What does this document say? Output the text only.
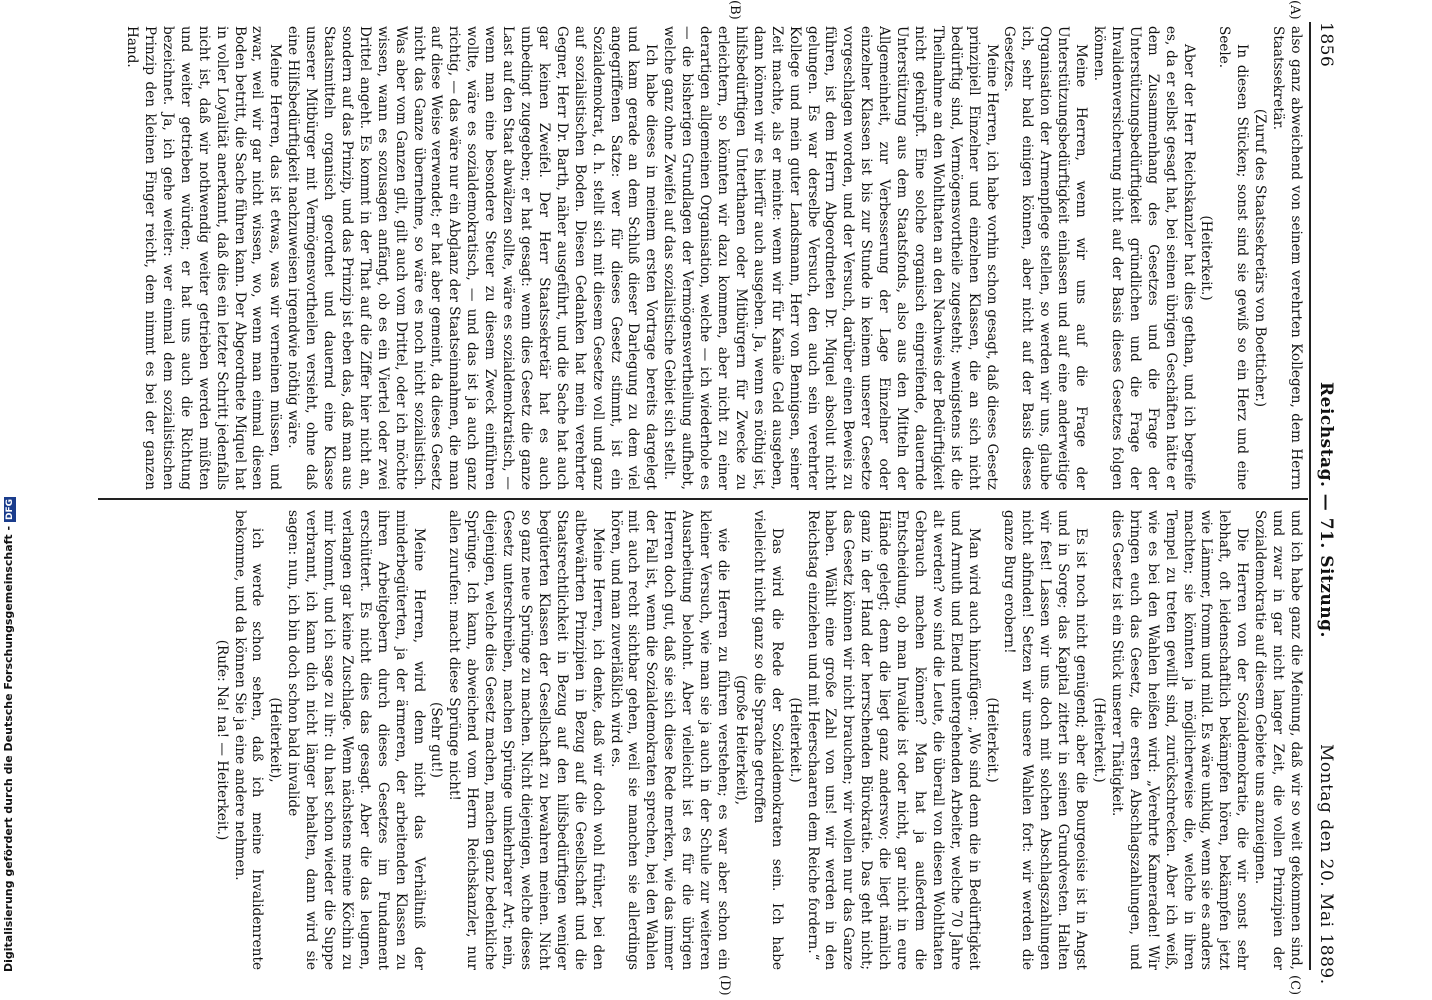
1856
Reichstag. — 71. Sitzung.
Montag den 20. Mai 1889.
(A)
(B)
(C)
(D)

also ganz abweichend von seinem verehrten Kollegen, dem Herrn Staatssekretär.

(Zuruf des Staatssekretärs von Boetticher.)

In diesen Stücken; sonst sind sie gewiß so ein Herz und eine Seele.

(Heiterkeit.)

Aber der Herr Reichskanzler hat dies gethan, und ich begreife es, da er selbst gesagt hat, bei seinen übrigen Geschäften hätte er dem Zusammenhang des Gesetzes und die Frage der Unterstützungsbedürftigkeit gründlichen und die Frage der Invalidenversicherung nicht auf der Basis dieses Gesetzes folgen können.

Meine Herren, wenn wir uns auf die Frage der Unterstützungsbedürftigkeit einlassen und auf eine anderweitige Organisation der Armenpflege stellen, so werden wir uns, glaube ich, sehr bald einigen können, aber nicht auf der Basis dieses Gesetzes.

Meine Herren, ich habe vorhin schon gesagt, daß dieses Gesetz prinzipiell Einzelner und einzelnen Klassen, die an sich nicht bedürftig sind, Vermögensvortheile zugesteht; wenigstens ist die Theilnahme an den Wohlthaten an den Nachweis der Bedürftigkeit nicht geknüpft. Eine solche organisch eingreifende, dauernde Unterstützung aus dem Staatsfonds, also aus den Mitteln der Allgemeinheit, zur Verbesserung der Lage Einzelner oder einzelner Klassen ist bis zur Stunde in keinem unserer Gesetze vorgeschlagen worden, und der Versuch, darüber einen Beweis zu führen, ist dem Herrn Abgeordneten Dr. Miquel absolut nicht gelungen. Es war derselbe Versuch, den auch sein verehrter Kollege und mein guter Landsmann, Herr von Bennigsen, seiner Zeit machte, als er meinte: wenn wir für Kanäle Geld ausgeben, dann können wir es hierfür auch ausgeben. Ja, wenn es nöthig ist, hilfsbedürftigen Unterthanen oder Mitbürgern für Zwecke zu erleichtern, so könnten wir dazu kommen, aber nicht zu einer derartigen allgemeinen Organisation, welche — ich wiederhole es — die bisherigen Grundlagen der Vermögensvertheilung aufhebt, welche ganz ohne Zweifel auf das sozialistische Gebiet sich stellt.

Ich habe dieses in meinem ersten Vortrage bereits dargelegt und kam gerade an dem Schluß dieser Darlegung zu dem viel angegriffenen Satze: wer für dieses Gesetz stimmt, ist ein Sozialdemokrat, d. h. stellt sich mit diesem Gesetze voll und ganz auf sozialistischen Boden. Diesen Gedanken hat mein verehrter Gegner, Herr Dr. Barth, näher ausgeführt, und die Sache hat auch gar keinen Zweifel. Der Herr Staatssekretär hat es auch unbedingt zugegeben; er hat gesagt: wenn dies Gesetz die ganze Last auf den Staat abwälzen sollte, wäre es sozialdemokratisch, — wenn man eine besondere Steuer zu diesem Zweck einführen wollte, wäre es sozialdemokratisch, — und das ist ja auch ganz richtig, — das wäre nur ein Abglanz der Staatseinnahmen, die man auf diese Weise verwendet; er hat aber gemeint, da dieses Gesetz nicht das Ganze übernehme, so wäre es noch nicht sozialistisch. Was aber vom Ganzen gilt, gilt auch vom Drittel, oder ich möchte wissen, wann es sozusagen anfängt, ob es ein Viertel oder zwei Drittel angeht. Es kommt in der That auf die Ziffer hier nicht an, sondern auf das Prinzip, und das Prinzip ist eben das, daß man aus Staatsmitteln organisch geordnet und dauernd eine Klasse unserer Mitbürger mit Vermögensvortheilen versieht, ohne daß eine Hilfsbedürftigkeit nachzuweisen irgendwie nöthig wäre.

Meine Herren, das ist etwas, was wir verneinen müssen, und zwar, weil wir gar nicht wissen, wo, wenn man einmal diesen Boden betritt, die Sache führen kann. Der Abgeordnete Miquel hat in voller Loyalität anerkannt, daß dies ein letzter Schritt jedenfalls nicht ist, daß wir nothwendig weiter getrieben werden müßten und weiter getrieben würden; er hat uns auch die Richtung bezeichnet. Ja, ich gehe weiter: wer einmal dem sozialistischen Prinzip den kleinen Finger reicht, dem nimmt es bei der ganzen Hand.

und ich habe ganz die Meinung, daß wir so weit gekommen sind, und zwar in gar nicht langer Zeit, die vollen Prinzipien der Sozialdemokratie auf diesem Gebiete uns anzueignen.

Die Herren von der Sozialdemokratie, die wir sonst sehr lebhaft, oft leidenschaftlich bekämpfen hören, bekämpfen jetzt wie Lämmer, fromm und mild. Es wäre unklug, wenn sie es anders machten; sie könnten ja möglicherweise die, welche in ihren Tempel zu treten gewillt sind, zurückschrecken. Aber ich weiß, wie es bei den Wahlen heißen wird: „Verehrte Kameraden! Wir bringen euch das Gesetz, die ersten Abschlagszahlungen, und dies Gesetz ist ein Stück unserer Thätigkeit.

(Heiterkeit.)

Es ist noch nicht genügend; aber die Bourgeoisie ist in Angst und in Sorge; das Kapital zittert in seinen Grundvesten. Halten wir fest! Lassen wir uns doch mit solchen Abschlagszahlungen nicht abfinden! Setzen wir unsere Wahlen fort: wir werden die ganze Burg erobern!

(Heiterkeit.)

Man wird auch hinzufügen: „Wo sind denn die in Bedürftigkeit und Armuth und Elend untergehenden Arbeiter, welche 70 Jahre alt werden? wo sind die Leute, die überall von diesen Wohlthaten Gebrauch machen können? Man hat ja außerdem die Entscheidung, ob man Invalide ist oder nicht, gar nicht in eure Hände gelegt; denn die liegt ganz anderswo; die liegt nämlich ganz in der Hand der herrschenden Bürokratie. Das geht nicht; das Gesetz können wir nicht brauchen; wir wollen nur das Ganze haben. Wählt eine große Zahl von uns! wir werden in den Reichstag einziehen und mit Heerschaaren dem Reiche fordern.“

(Heiterkeit.)

Das wird die Rede der Sozialdemokraten sein. Ich habe vielleicht nicht ganz so die Sprache getroffen

(große Heiterkeit),

wie die Herren zu führen verstehen; es war aber schon ein kleiner Versuch, wie man sie ja auch in der Schule zur weiteren Ausarbeitung belohnt. Aber vielleicht ist es für die übrigen Herren doch gut, daß sie sich diese Rede merken, wie das immer der Fall ist, wenn die Sozialdemokraten sprechen, bei den Wahlen mit auch recht sichtbar gehen, weil sie manchen sie allerdings hören, und man zuverläßlich wird es.

Meine Herren, ich denke, daß wir doch wohl früher, bei den altbewährten Prinzipien in Bezug auf die Gesellschaft und die Staatsrechtlichkeit in Bezug auf den hilfsbedürftigen weniger begüterten Klassen der Gesellschaft zu bewahren meinen. Nicht so ganz neue Sprünge zu machen. Nicht diejenigen, welche dieses Gesetz unterschreiben, machen Sprünge umkehrbarer Art; nein, diejenigen, welche dies Gesetz machen, machen ganz bedenkliche Sprünge. Ich kann, abweichend vom Herrn Reichskanzler, nur allen zurufen: macht diese Sprünge nicht!

(Sehr gut!)

Meine Herren, wird denn nicht das Verhältniß der minderbegüterten, ja der ärmeren, der arbeitenden Klassen zu ihren Arbeitgebern durch dieses Gesetzes im Fundament erschüttert. Es nicht dies das gesagt. Aber die das leugnen, verlangen gar keine Zuschlage. Wenn nächstens meine Köchin zu mir kommt, und ich sage zu ihr: du hast schon wieder die Suppe verbrannt, ich kann dich nicht länger behalten, dann wird sie sagen: nun, ich bin doch schon bald invalide

(Heiterkeit),

ich werde schon sehen, daß ich meine Invalidenrente bekomme, und da können Sie ja eine andere nehmen.

(Rufe: Na! na! — Heiterkeit.)

Digitalisierung gefördert durch die Deutsche Forschungsgemeinschaft -DFG
